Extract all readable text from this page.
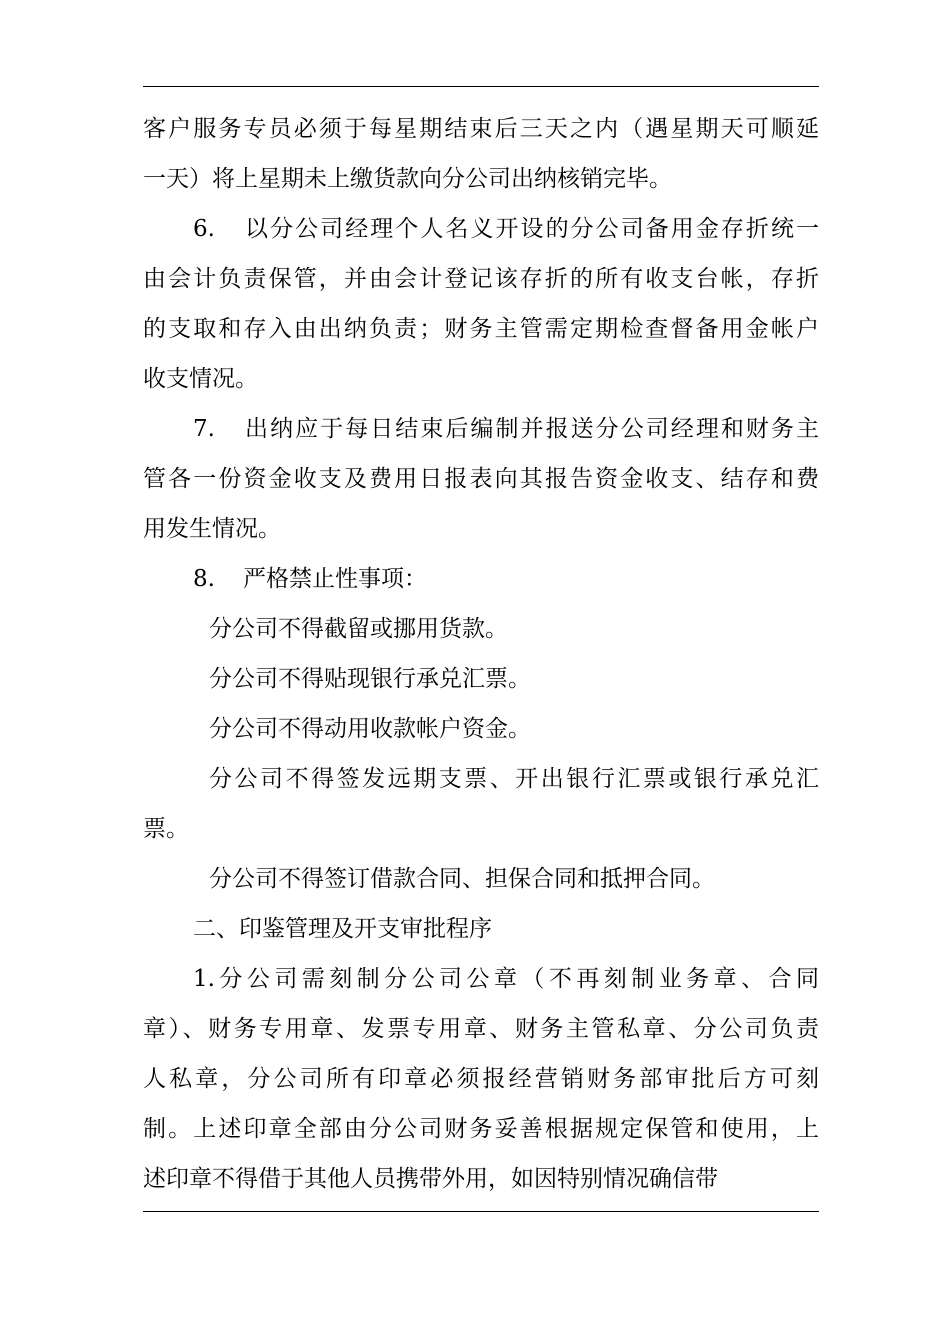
客户服务专员必须于每星期结束后三天之内（遇星期天可顺延
一天）将上星期未上缴货款向分公司出纳核销完毕。
6. 以分公司经理个人名义开设的分公司备用金存折统一
由会计负责保管，并由会计登记该存折的所有收支台帐，存折
的支取和存入由出纳负责；财务主管需定期检查督备用金帐户
收支情况。
7. 出纳应于每日结束后编制并报送分公司经理和财务主
管各一份资金收支及费用日报表向其报告资金收支、结存和费
用发生情况。
8. 严格禁止性事项：
分公司不得截留或挪用货款。
分公司不得贴现银行承兑汇票。
分公司不得动用收款帐户资金。
分公司不得签发远期支票、开出银行汇票或银行承兑汇
票。
分公司不得签订借款合同、担保合同和抵押合同。
二、印鉴管理及开支审批程序
1.分公司需刻制分公司公章（不再刻制业务章、合同
章）、财务专用章、发票专用章、财务主管私章、分公司负责
人私章，分公司所有印章必须报经营销财务部审批后方可刻
制。上述印章全部由分公司财务妥善根据规定保管和使用，上
述印章不得借于其他人员携带外用，如因特别情况确信带
